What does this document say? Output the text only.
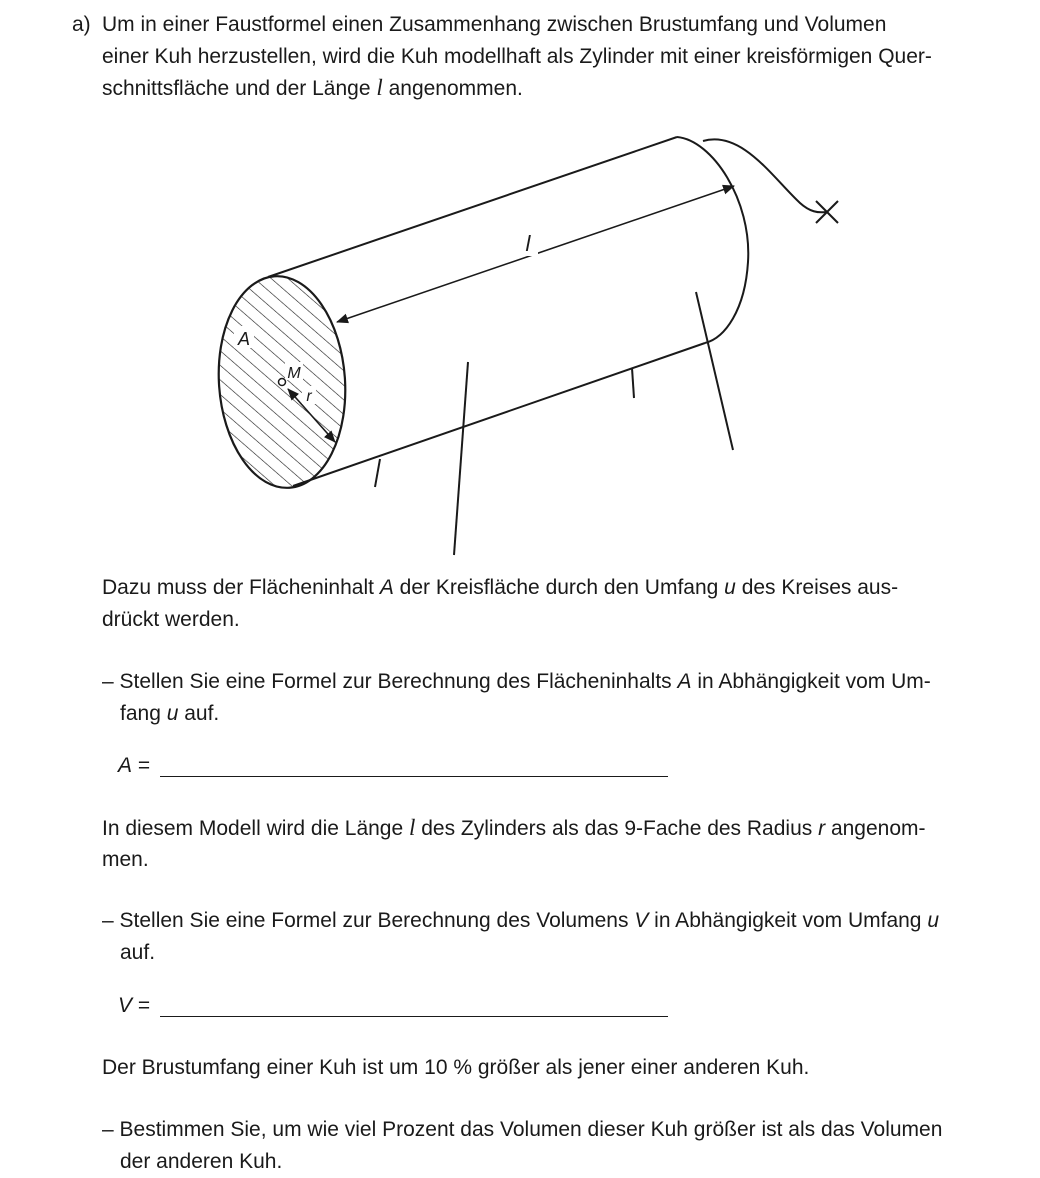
a) Um in einer Faustformel einen Zusammenhang zwischen Brustumfang und Volumen
einer Kuh herzustellen, wird die Kuh modellhaft als Zylinder mit einer kreisförmigen Quer-
schnittsfläche und der Länge l angenommen.
l
A
M
r
Dazu muss der Flächeninhalt A der Kreisfläche durch den Umfang u des Kreises aus-
drückt werden.
– Stellen Sie eine Formel zur Berechnung des Flächeninhalts A in Abhängigkeit vom Um-
fang u auf.
A =
In diesem Modell wird die Länge l des Zylinders als das 9-Fache des Radius r angenom-
men.
– Stellen Sie eine Formel zur Berechnung des Volumens V in Abhängigkeit vom Umfang u
auf.
V =
Der Brustumfang einer Kuh ist um 10 % größer als jener einer anderen Kuh.
– Bestimmen Sie, um wie viel Prozent das Volumen dieser Kuh größer ist als das Volumen
der anderen Kuh.
